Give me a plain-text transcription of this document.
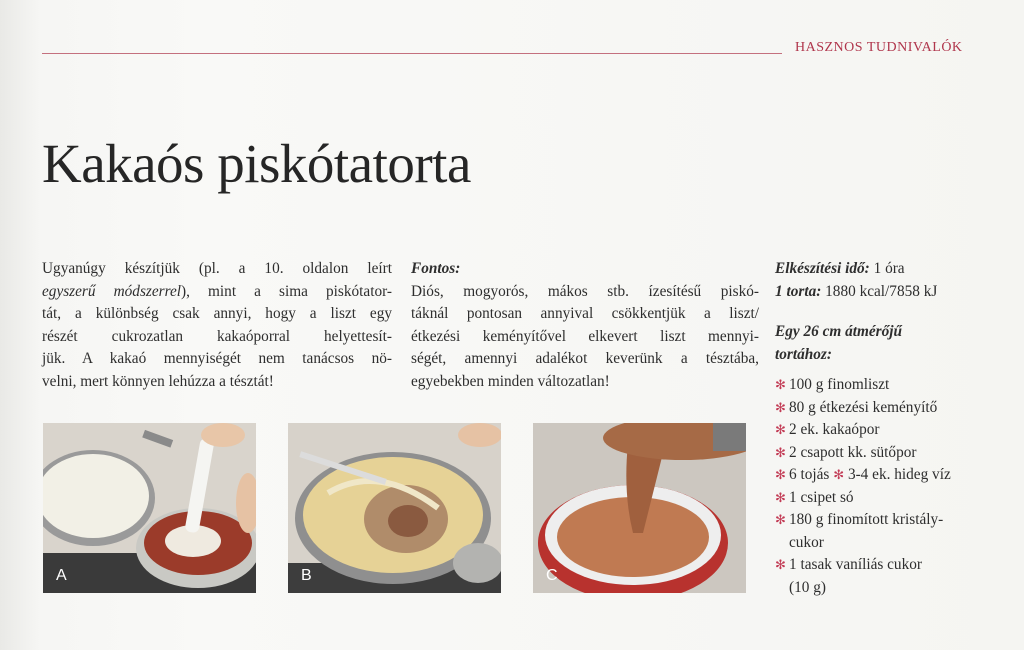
HASZNOS TUDNIVALÓK
Kakaós piskótatorta
Ugyanúgy készítjük (pl. a 10. oldalon leírt
egyszerű módszerrel), mint a sima piskótator-
tát, a különbség csak annyi, hogy a liszt egy
részét cukrozatlan kakaóporral helyettesít-
jük. A kakaó mennyiségét nem tanácsos nö-
velni, mert könnyen lehúzza a tésztát!
Fontos:
Diós, mogyorós, mákos stb. ízesítésű piskó-
táknál pontosan annyival csökkentjük a liszt/
étkezési keményítővel elkevert liszt mennyi-
ségét, amennyi adalékot keverünk a tésztába,
egyebekben minden változatlan!
Elkészítési idő: 1 óra
1 torta: 1880 kcal/7858 kJ
Egy 26 cm átmérőjű
tortához:
✻ 100 g finomliszt
✻ 80 g étkezési keményítő
✻ 2 ek. kakaópor
✻ 2 csapott kk. sütőpor
✻ 6 tojás ✻ 3-4 ek. hideg víz
✻ 1 csipet só
✻ 180 g finomított kristály-
cukor
✻ 1 tasak vaníliás cukor
(10 g)
A	B	C
